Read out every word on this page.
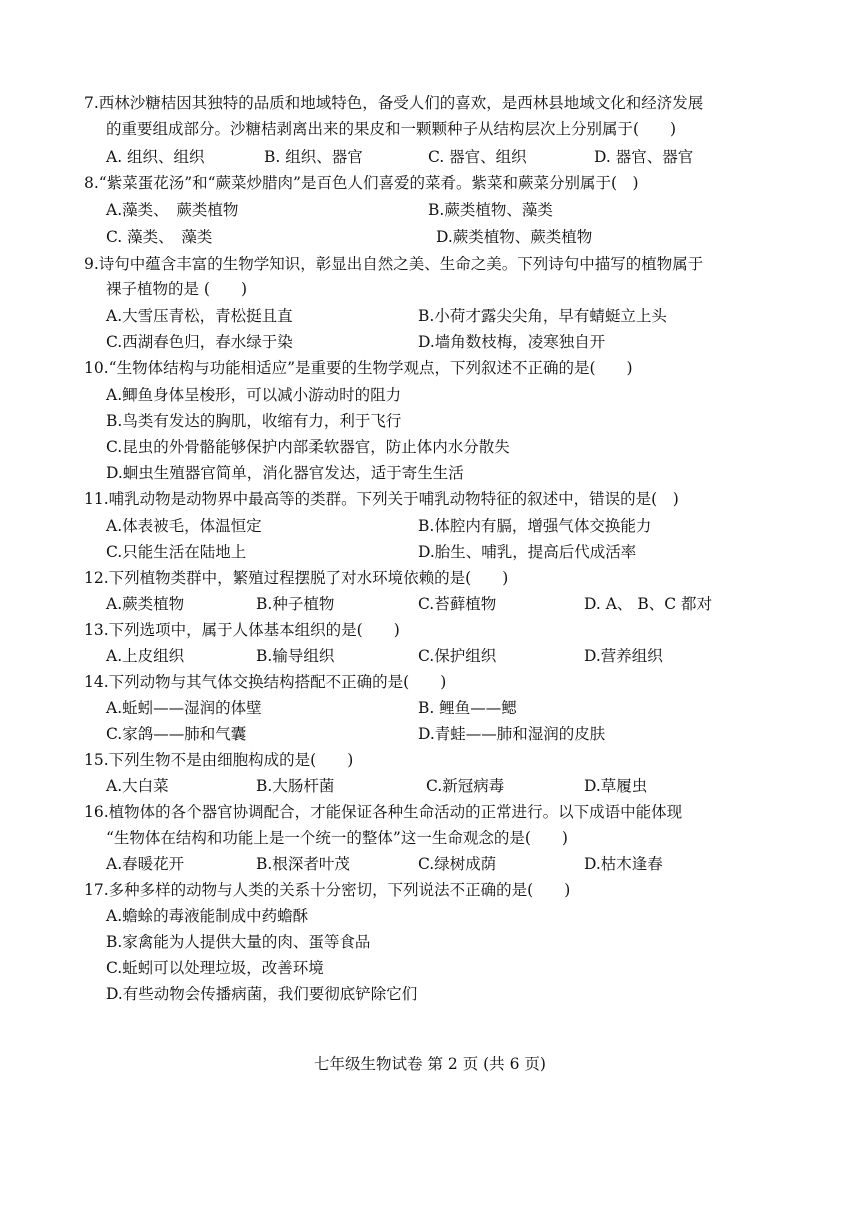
7.西林沙糖桔因其独特的品质和地域特色，备受人们的喜欢，是西林县地域文化和经济发展
的重要组成部分。沙糖桔剥离出来的果皮和一颗颗种子从结构层次上分别属于(　　)
A. 组织、组织	B. 组织、器官	C. 器官、组织	D. 器官、器官
8.“紫菜蛋花汤”和“蕨菜炒腊肉”是百色人们喜爱的菜肴。紫菜和蕨菜分别属于(　)
A.藻类、　蕨类植物	B.蕨类植物、藻类
C. 藻类、　藻类	D.蕨类植物、蕨类植物
9.诗句中蕴含丰富的生物学知识，彰显出自然之美、生命之美。下列诗句中描写的植物属于
裸子植物的是 (　　)
A.大雪压青松，青松挺且直	B.小荷才露尖尖角，早有蜻蜓立上头
C.西湖春色归，春水绿于染	D.墙角数枝梅，凌寒独自开
10.“生物体结构与功能相适应”是重要的生物学观点，下列叙述不正确的是(　　)
A.鲫鱼身体呈梭形，可以减小游动时的阻力
B.鸟类有发达的胸肌，收缩有力，利于飞行
C.昆虫的外骨骼能够保护内部柔软器官，防止体内水分散失
D.蛔虫生殖器官简单，消化器官发达，适于寄生生活
11.哺乳动物是动物界中最高等的类群。下列关于哺乳动物特征的叙述中，错误的是(　)
A.体表被毛，体温恒定	B.体腔内有膈，增强气体交换能力
C.只能生活在陆地上	D.胎生、哺乳，提高后代成活率
12.下列植物类群中，繁殖过程摆脱了对水环境依赖的是(　　)
A.蕨类植物	B.种子植物	C.苔藓植物	D. A、 B、C 都对
13.下列选项中，属于人体基本组织的是(　　)
A.上皮组织	B.输导组织	C.保护组织	D.营养组织
14.下列动物与其气体交换结构搭配不正确的是(　　)
A.蚯蚓——湿润的体壁	B. 鲤鱼——鳃
C.家鸽——肺和气囊	D.青蛙——肺和湿润的皮肤
15.下列生物不是由细胞构成的是(　　)
A.大白菜	B.大肠杆菌	C.新冠病毒	D.草履虫
16.植物体的各个器官协调配合，才能保证各种生命活动的正常进行。以下成语中能体现
“生物体在结构和功能上是一个统一的整体”这一生命观念的是(　　)
A.春暖花开	B.根深者叶茂	C.绿树成荫	D.枯木逢春
17.多种多样的动物与人类的关系十分密切，下列说法不正确的是(　　)
A.蟾蜍的毒液能制成中药蟾酥
B.家禽能为人提供大量的肉、蛋等食品
C.蚯蚓可以处理垃圾，改善环境
D.有些动物会传播病菌，我们要彻底铲除它们
七年级生物试卷 第 2 页 (共 6 页)
